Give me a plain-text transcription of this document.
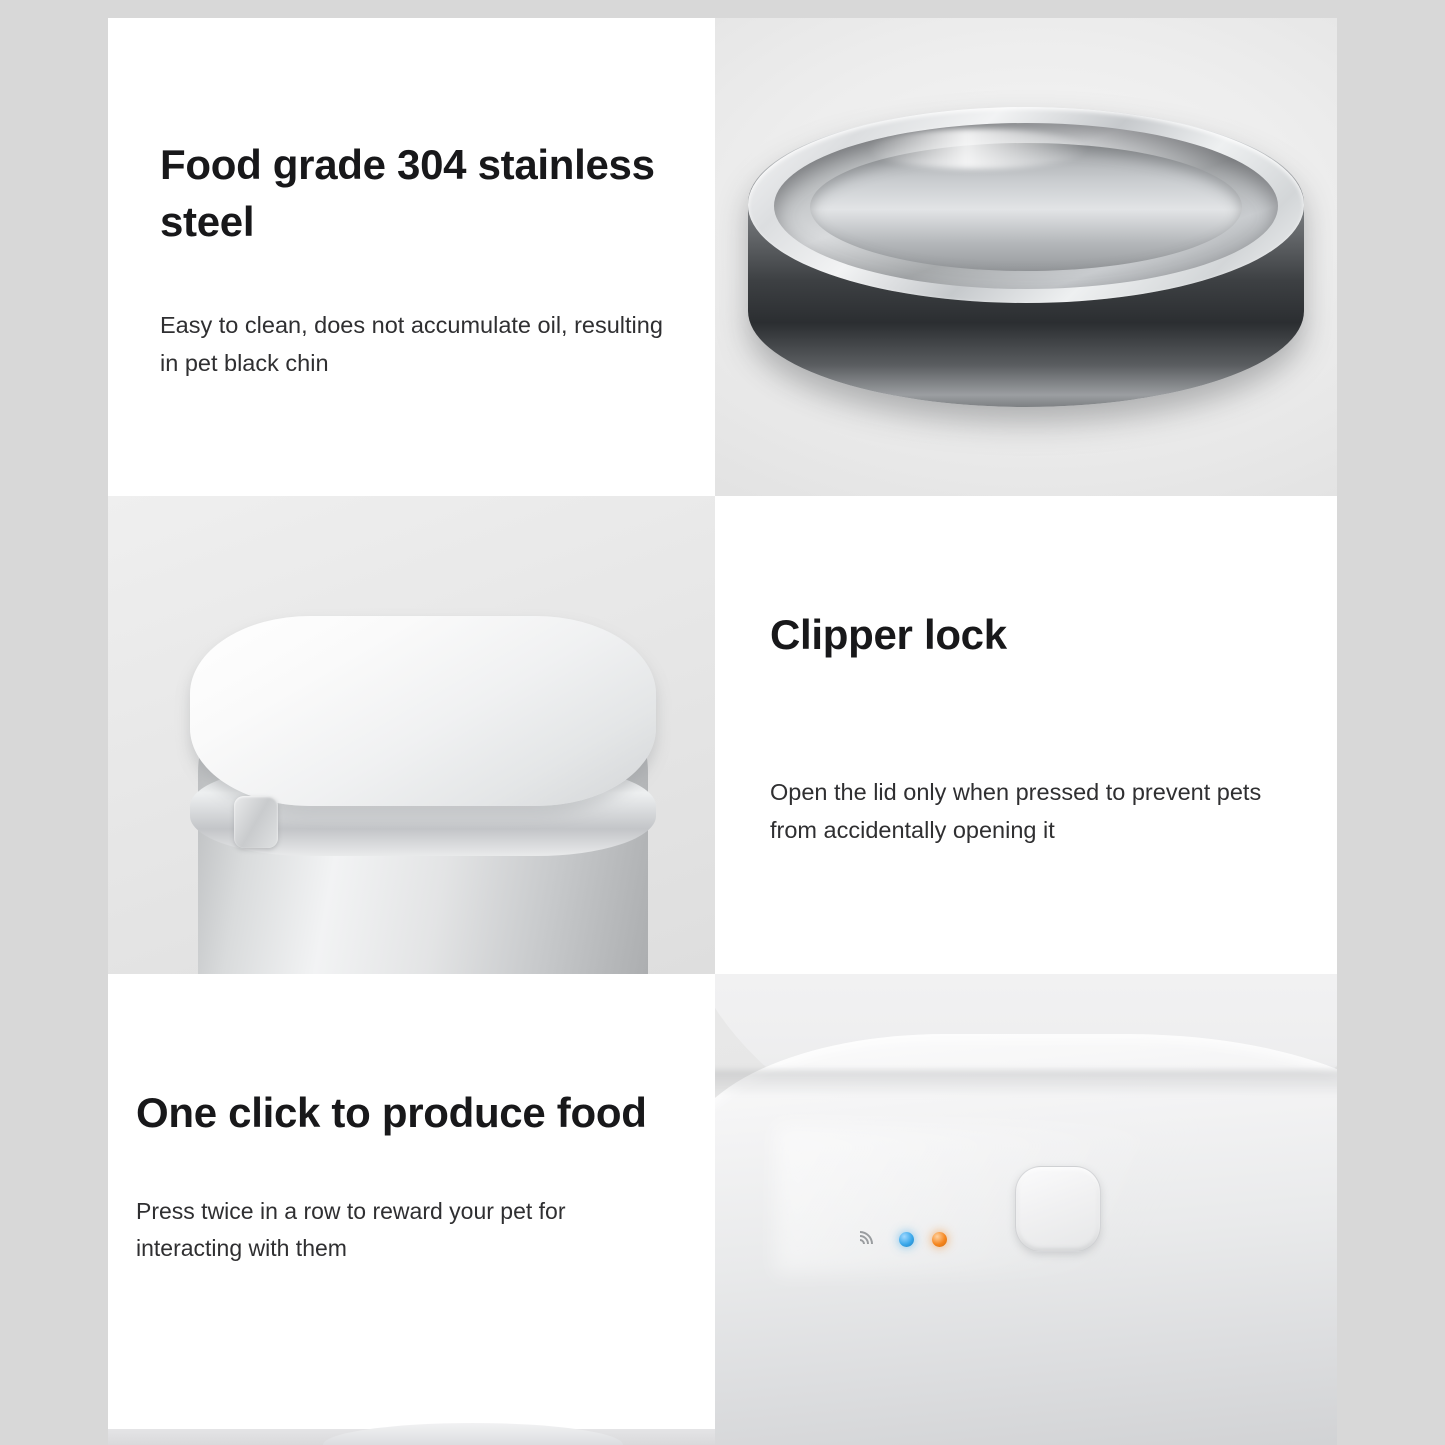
Food grade 304 stainless steel
Easy to clean, does not accumulate oil, resulting in pet black chin
Clipper lock
Open the lid only when pressed to prevent pets from accidentally opening it
One click to produce food
Press twice in a row to reward your pet for interacting with them
